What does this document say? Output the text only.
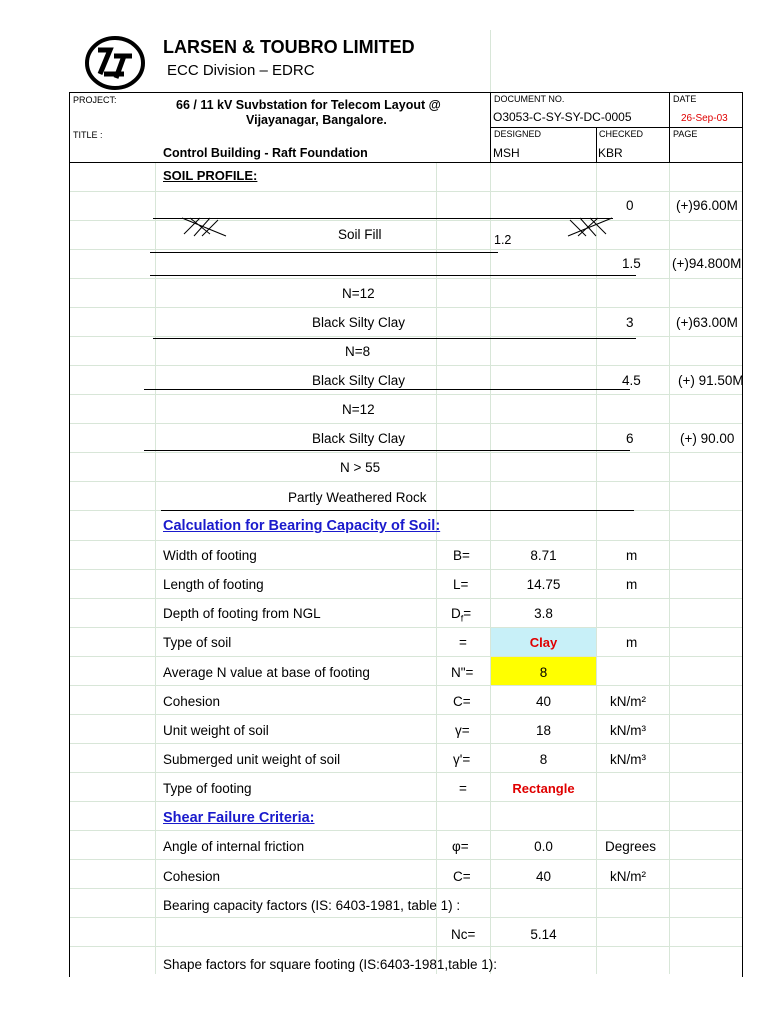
LARSEN & TOUBRO LIMITED
ECC Division – EDRC
PROJECT:	66 / 11 kV Suvbstation for Telecom Layout @
Vijayanagar, Bangalore.
TITLE :
Control Building - Raft Foundation
DOCUMENT NO.
O3053-C-SY-SY-DC-0005
DATE
26-Sep-03
DESIGNED
MSH
CHECKED
KBR
PAGE
SOIL PROFILE:
0	(+)96.00M
Soil Fill	1.2
1.5 (+)94.800M
N=12
Black Silty Clay	3	(+)63.00M
N=8
Black Silty Clay	4.5	(+) 91.50M
N=12
Black Silty Clay	6	(+) 90.00
N > 55
Partly Weathered Rock
Calculation for Bearing Capacity of Soil:
Width of footing	B=	8.71	m
Length of footing	L=	14.75	m
Depth of footing from NGL	$D_f=$	3.8
Type of soil	=	Clay	m
Average N value at base of footing	N"=	8
Cohesion	C=	40	kN/m²
Unit weight of soil	γ=	18	kN/m³
Submerged unit weight of soil	γ'=	8	kN/m³
Type of footing	=	Rectangle
Shear Failure Criteria:
Angle of internal friction	φ=	0.0	Degrees
Cohesion	C=	40	kN/m²
Bearing capacity factors (IS: 6403-1981, table 1) :
Nc=	5.14
Shape factors for square footing (IS:6403-1981,table 1):
